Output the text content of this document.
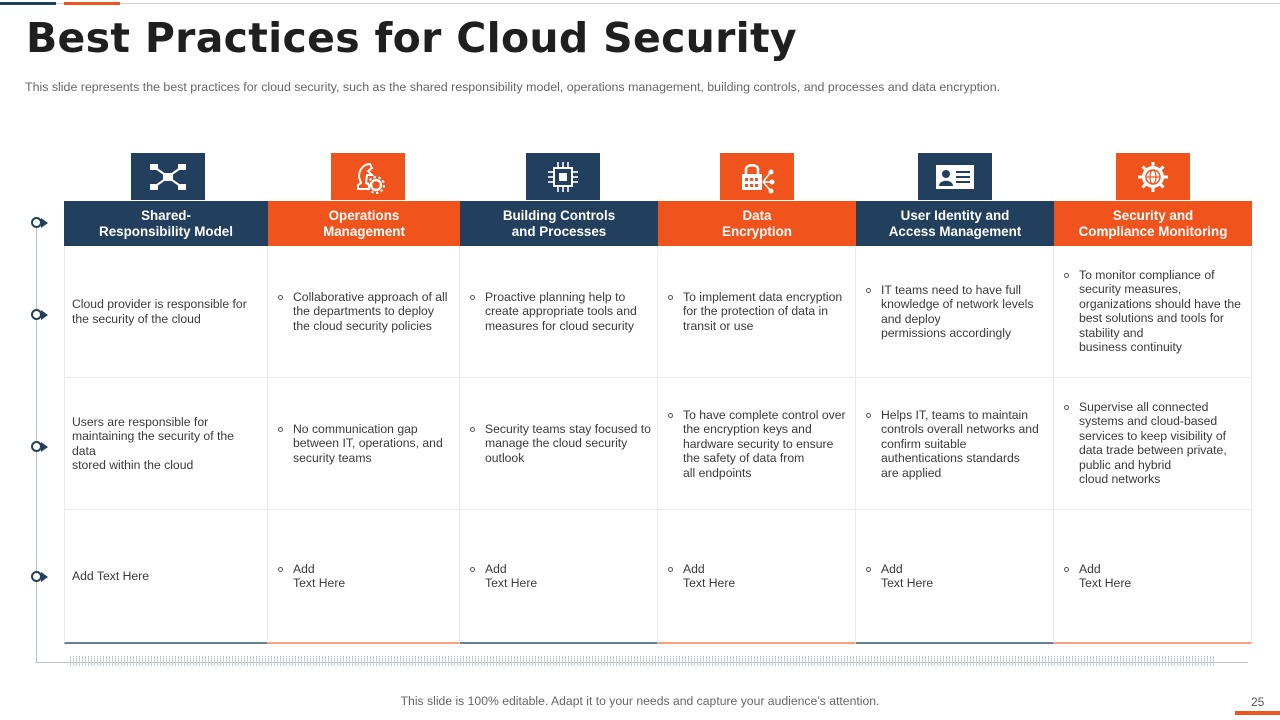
Best Practices for Cloud Security

This slide represents the best practices for cloud security, such as the shared responsibility model, operations management, building controls, and processes and data encryption.

Shared-
Responsibility Model
Operations
Management
Building Controls
and Processes
Data
Encryption
User Identity and
Access Management
Security and
Compliance Monitoring
Cloud provider is responsible for
the security of the cloud
Collaborative approach of all
the departments to deploy
the cloud security policies
Proactive planning help to
create appropriate tools and
measures for cloud security
To implement data encryption
for the protection of data in
transit or use
IT teams need to have full
knowledge of network levels
and deploy
permissions accordingly
To monitor compliance of
security measures,
organizations should have the
best solutions and tools for
stability and
business continuity
Users are responsible for
maintaining the security of the data
stored within the cloud
No communication gap
between IT, operations, and
security teams
Security teams stay focused to
manage the cloud security
outlook
To have complete control over
the encryption keys and
hardware security to ensure
the safety of data from
all endpoints
Helps IT, teams to maintain
controls overall networks and
confirm suitable
authentications standards
are applied
Supervise all connected
systems and cloud-based
services to keep visibility of
data trade between private,
public and hybrid
cloud networks
Add Text Here
Add
Text Here
Add
Text Here
Add
Text Here
Add
Text Here
Add
Text Here
This slide is 100% editable. Adapt it to your needs and capture your audience’s attention.	25
